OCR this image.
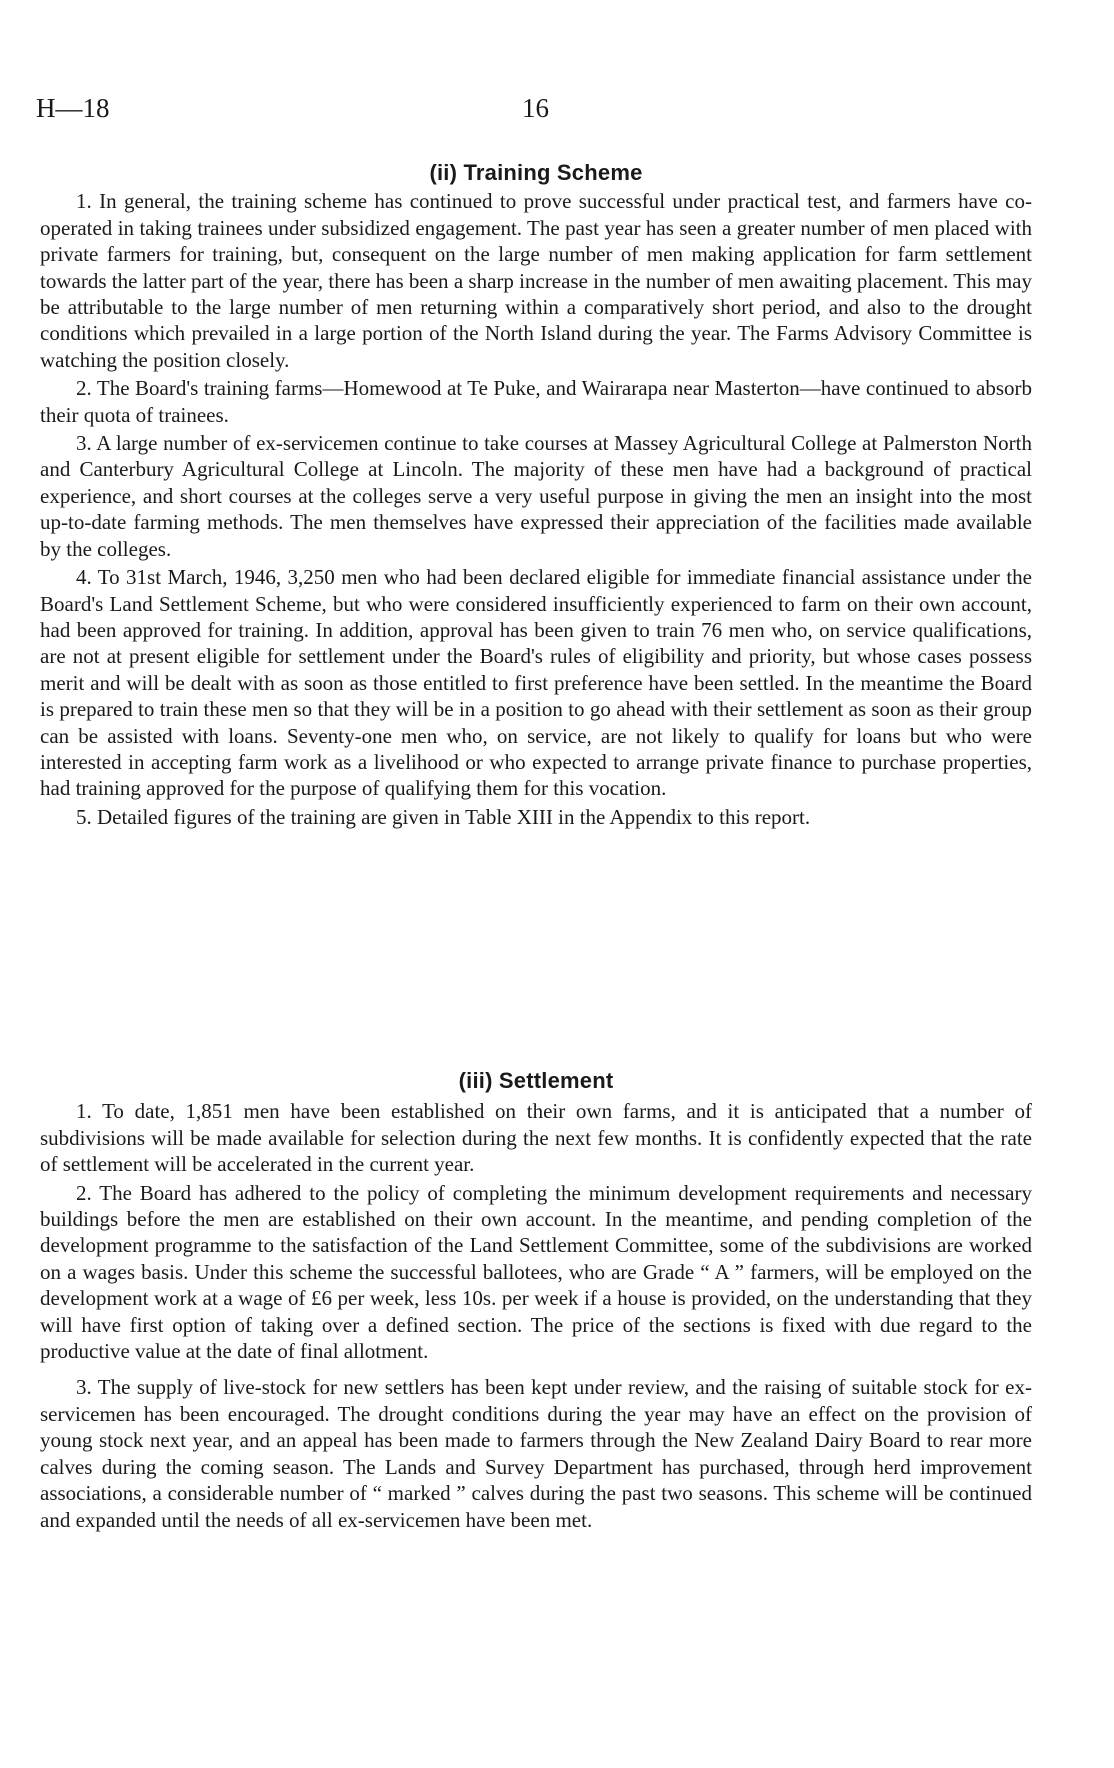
H—18	16
(ii) Training Scheme

1. In general, the training scheme has continued to prove successful under practical test, and farmers have co-operated in taking trainees under subsidized engagement. The past year has seen a greater number of men placed with private farmers for training, but, consequent on the large number of men making application for farm settlement towards the latter part of the year, there has been a sharp increase in the number of men awaiting placement. This may be attributable to the large number of men returning within a comparatively short period, and also to the drought conditions which prevailed in a large portion of the North Island during the year. The Farms Advisory Committee is watching the position closely.

2. The Board's training farms—Homewood at Te Puke, and Wairarapa near Masterton—have continued to absorb their quota of trainees.

3. A large number of ex-servicemen continue to take courses at Massey Agricultural College at Palmerston North and Canterbury Agricultural College at Lincoln. The majority of these men have had a background of practical experience, and short courses at the colleges serve a very useful purpose in giving the men an insight into the most up-to-date farming methods. The men themselves have expressed their appreciation of the facilities made available by the colleges.

4. To 31st March, 1946, 3,250 men who had been declared eligible for immediate financial assistance under the Board's Land Settlement Scheme, but who were considered insufficiently experienced to farm on their own account, had been approved for training. In addition, approval has been given to train 76 men who, on service qualifications, are not at present eligible for settlement under the Board's rules of eligibility and priority, but whose cases possess merit and will be dealt with as soon as those entitled to first preference have been settled. In the meantime the Board is prepared to train these men so that they will be in a position to go ahead with their settlement as soon as their group can be assisted with loans. Seventy-one men who, on service, are not likely to qualify for loans but who were interested in accepting farm work as a livelihood or who expected to arrange private finance to purchase properties, had training approved for the purpose of qualifying them for this vocation.

5. Detailed figures of the training are given in Table XIII in the Appendix to this report.

(iii) Settlement

1. To date, 1,851 men have been established on their own farms, and it is anticipated that a number of subdivisions will be made available for selection during the next few months. It is confidently expected that the rate of settlement will be accelerated in the current year.

2. The Board has adhered to the policy of completing the minimum development requirements and necessary buildings before the men are established on their own account. In the meantime, and pending completion of the development programme to the satisfaction of the Land Settlement Committee, some of the subdivisions are worked on a wages basis. Under this scheme the successful ballotees, who are Grade “ A ” farmers, will be employed on the development work at a wage of £6 per week, less 10s. per week if a house is provided, on the understanding that they will have first option of taking over a defined section. The price of the sections is fixed with due regard to the productive value at the date of final allotment.

3. The supply of live-stock for new settlers has been kept under review, and the raising of suitable stock for ex-servicemen has been encouraged. The drought conditions during the year may have an effect on the provision of young stock next year, and an appeal has been made to farmers through the New Zealand Dairy Board to rear more calves during the coming season. The Lands and Survey Department has purchased, through herd improvement associations, a considerable number of “ marked ” calves during the past two seasons. This scheme will be continued and expanded until the needs of all ex-servicemen have been met.
